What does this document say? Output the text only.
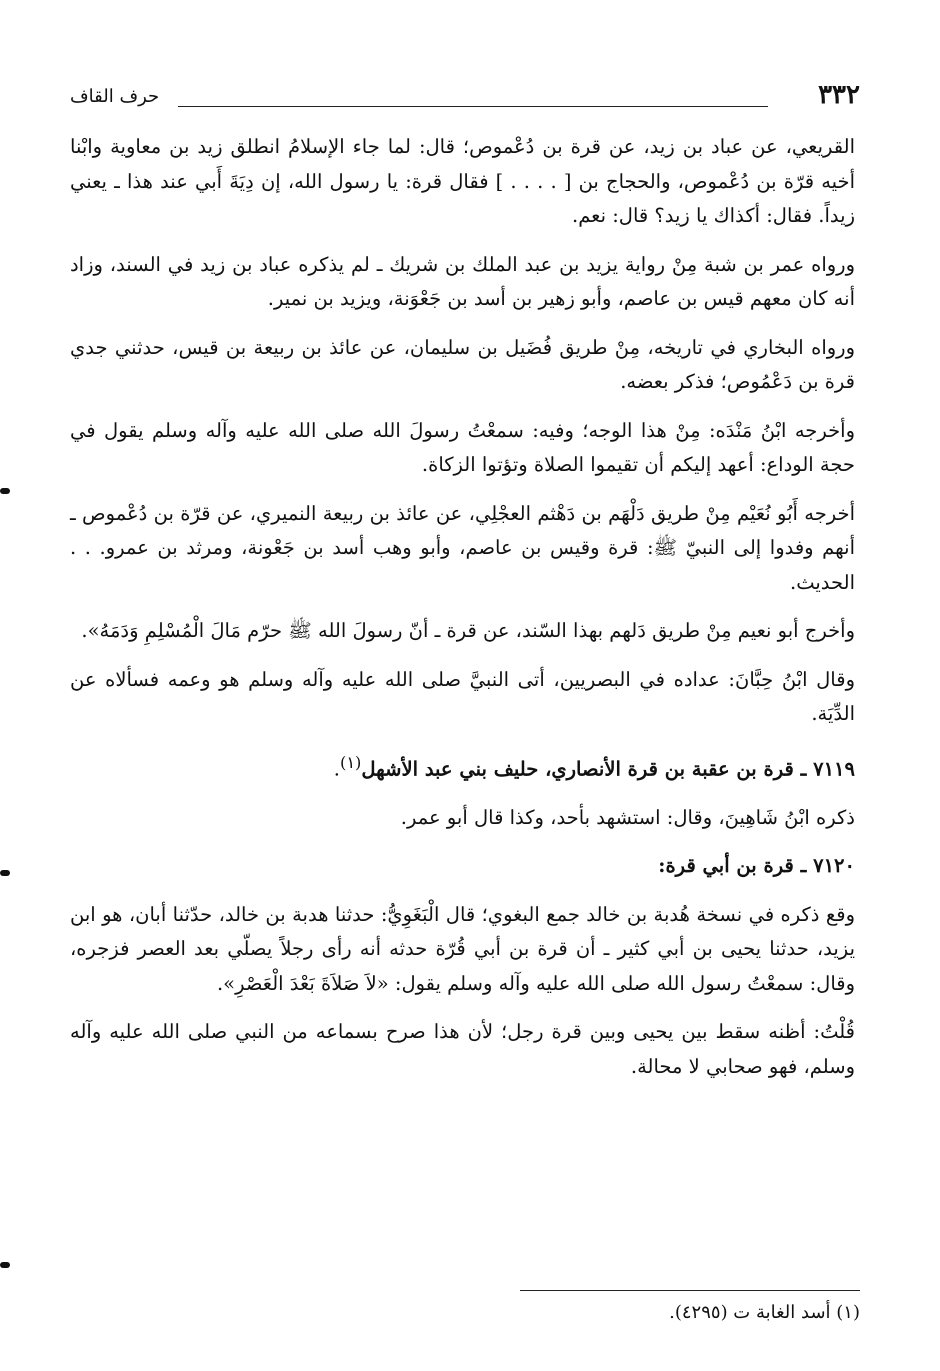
٣٣٢
حرف القاف

القريعي، عن عباد بن زيد، عن قرة بن دُعْموص؛ قال: لما جاء الإسلامُ انطلق زيد بن معاوية وابْنا أخيه قرّة بن دُعْموص، والحجاج بن [ . . . . ] فقال قرة: يا رسول الله، إن دِيَةَ أَبي عند هذا ـ يعني زيداً. فقال: أكذاك يا زيد؟ قال: نعم.

ورواه عمر بن شبة مِنْ رواية يزيد بن عبد الملك بن شريك ـ لم يذكره عباد بن زيد في السند، وزاد أنه كان معهم قيس بن عاصم، وأبو زهير بن أسد بن جَعْوَنة، ويزيد بن نمير.

ورواه البخاري في تاريخه، مِنْ طريق فُضَيل بن سليمان، عن عائذ بن ربيعة بن قيس، حدثني جدي قرة بن دَعْمُوص؛ فذكر بعضه.

وأخرجه ابْنُ مَنْدَه: مِنْ هذا الوجه؛ وفيه: سمعْتُ رسولَ الله صلى الله عليه وآله وسلم يقول في حجة الوداع: أعهد إليكم أن تقيموا الصلاة وتؤتوا الزكاة.

أخرجه أَبُو نُعَيْم مِنْ طريق دَلْهَم بن دَهْثم العجْلِي، عن عائذ بن ربيعة النميري، عن قرّة بن دُعْموص ـ أنهم وفدوا إلى النبيّ ﷺ: قرة وقيس بن عاصم، وأبو وهب أسد بن جَعْونة، ومرثد بن عمرو. . . الحديث.

وأخرج أبو نعيم مِنْ طريق دَلهم بهذا السّند، عن قرة ـ أنّ رسولَ الله ﷺ حرّم مَالَ الْمُسْلِمِ وَدَمَهُ».

وقال ابْنُ حِبَّانَ: عداده في البصريين، أتى النبيَّ صلى الله عليه وآله وسلم هو وعمه فسألاه عن الدِّيَة.

٧١١٩ ـ قرة بن عقبة بن قرة الأنصاري، حليف بني عبد الأشهل$^{(١)}$.

ذكره ابْنُ شَاهِينَ، وقال: استشهد بأحد، وكذا قال أبو عمر.

٧١٢٠ ـ قرة بن أبي قرة:

وقع ذكره في نسخة هُدبة بن خالد جمع البغوي؛ قال الْبَغَوِيُّ: حدثنا هدبة بن خالد، حدّثنا أبان، هو ابن يزيد، حدثنا يحيى بن أبي كثير ـ أن قرة بن أبي قُرّة حدثه أنه رأى رجلاً يصلّي بعد العصر فزجره، وقال: سمعْتُ رسول الله صلى الله عليه وآله وسلم يقول: «لاَ صَلاَةَ بَعْدَ الْعَصْرِ».

قُلْتُ: أظنه سقط بين يحيى وبين قرة رجل؛ لأن هذا صرح بسماعه من النبي صلى الله عليه وآله وسلم، فهو صحابي لا محالة.

(١) أسد الغابة ت (٤٢٩٥).
